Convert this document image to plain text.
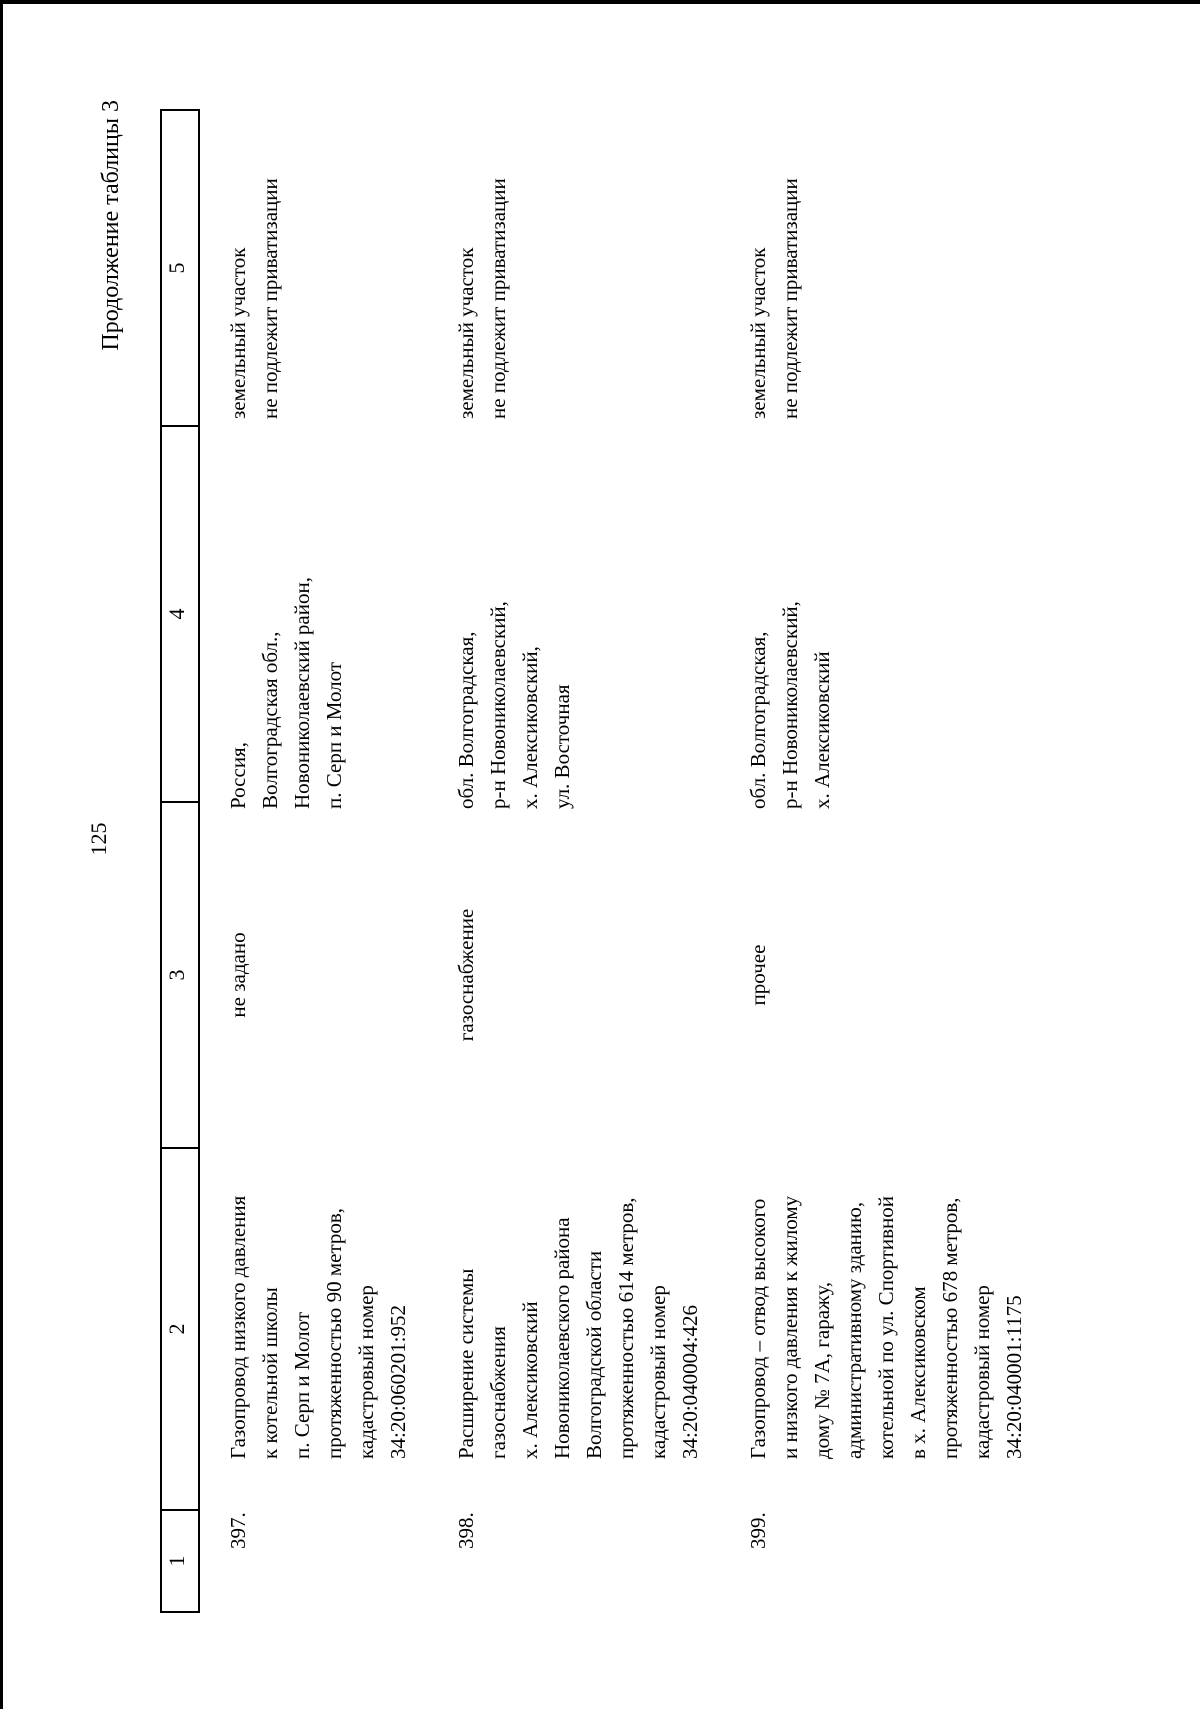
125
Продолжение таблицы 3
1
2
3
4
5
397.
Газопровод низкого давления
к котельной школы
п. Серп и Молот
протяженностью 90 метров,
кадастровый номер
34:20:060201:952
не задано
Россия,
Волгоградская обл.,
Новониколаевский район,
п. Серп и Молот
земельный участок
не подлежит приватизации
398.
Расширение системы
газоснабжения
х. Алексиковский
Новониколаевского района
Волгоградской области
протяженностью 614 метров,
кадастровый номер
34:20:040004:426
газоснабжение
обл. Волгоградская,
р-н Новониколаевский,
х. Алексиковский,
ул. Восточная
земельный участок
не подлежит приватизации
399.
Газопровод – отвод высокого
и низкого давления к жилому
дому № 7А, гаражу,
административному зданию,
котельной по ул. Спортивной
в х. Алексиковском
протяженностью 678 метров,
кадастровый номер
34:20:040001:1175
прочее
обл. Волгоградская,
р-н Новониколаевский,
х. Алексиковский
земельный участок
не подлежит приватизации
